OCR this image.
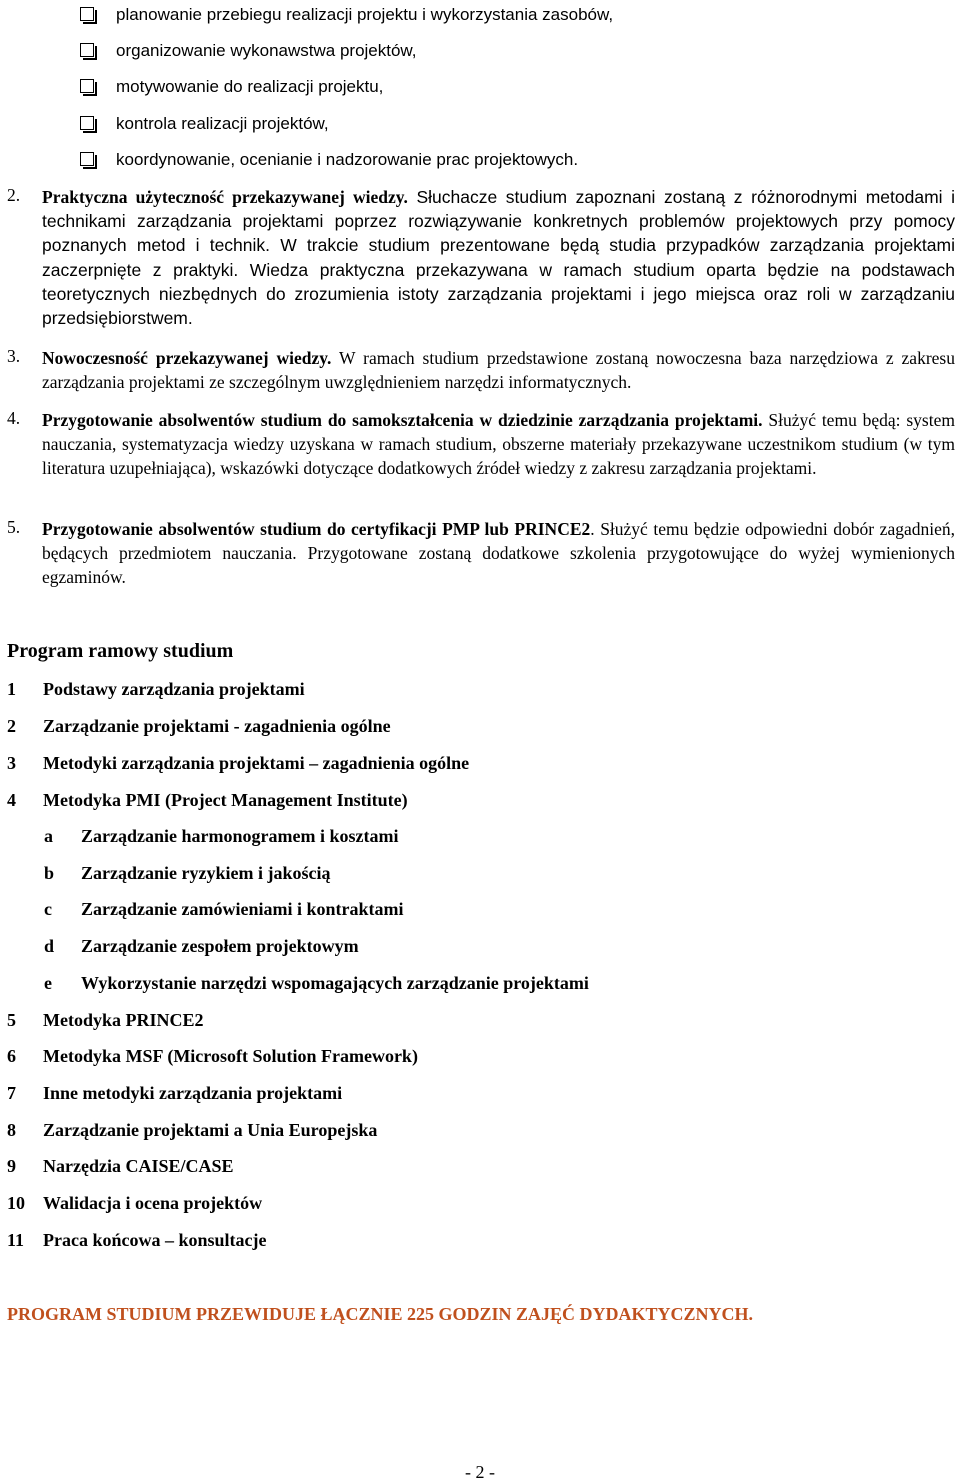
planowanie przebiegu realizacji projektu i wykorzystania zasobów,
organizowanie wykonawstwa projektów,
motywowanie do realizacji projektu,
kontrola realizacji projektów,
koordynowanie, ocenianie i nadzorowanie prac projektowych.
2. Praktyczna użyteczność przekazywanej wiedzy. Słuchacze studium zapoznani zostaną z różnorodnymi metodami i technikami zarządzania projektami poprzez rozwiązywanie konkretnych problemów projektowych przy pomocy poznanych metod i technik. W trakcie studium prezentowane będą studia przypadków zarządzania projektami zaczerpnięte z praktyki. Wiedza praktyczna przekazywana w ramach studium oparta będzie na podstawach teoretycznych niezbędnych do zrozumienia istoty zarządzania projektami i jego miejsca oraz roli w zarządzaniu przedsiębiorstwem.
3. Nowoczesność przekazywanej wiedzy. W ramach studium przedstawione zostaną nowoczesna baza narzędziowa z zakresu zarządzania projektami ze szczególnym uwzględnieniem narzędzi informatycznych.
4. Przygotowanie absolwentów studium do samokształcenia w dziedzinie zarządzania projektami. Służyć temu będą: system nauczania, systematyzacja wiedzy uzyskana w ramach studium, obszerne materiały przekazywane uczestnikom studium (w tym literatura uzupełniająca), wskazówki dotyczące dodatkowych źródeł wiedzy z zakresu zarządzania projektami.
5. Przygotowanie absolwentów studium do certyfikacji PMP lub PRINCE2. Służyć temu będzie odpowiedni dobór zagadnień, będących przedmiotem nauczania. Przygotowane zostaną dodatkowe szkolenia przygotowujące do wyżej wymienionych egzaminów.
Program ramowy studium
1 Podstawy zarządzania projektami
2 Zarządzanie projektami - zagadnienia ogólne
3 Metodyki zarządzania projektami – zagadnienia ogólne
4 Metodyka PMI (Project Management Institute)
a Zarządzanie harmonogramem i kosztami
b Zarządzanie ryzykiem i jakością
c Zarządzanie zamówieniami i kontraktami
d Zarządzanie zespołem projektowym
e Wykorzystanie narzędzi wspomagających zarządzanie projektami
5 Metodyka PRINCE2
6 Metodyka MSF (Microsoft Solution Framework)
7 Inne metodyki zarządzania projektami
8 Zarządzanie projektami a Unia Europejska
9 Narzędzia CAISE/CASE
10 Walidacja i ocena projektów
11 Praca końcowa – konsultacje
PROGRAM STUDIUM PRZEWIDUJE ŁĄCZNIE 225 GODZIN ZAJĘĆ DYDAKTYCZNYCH.
- 2 -
